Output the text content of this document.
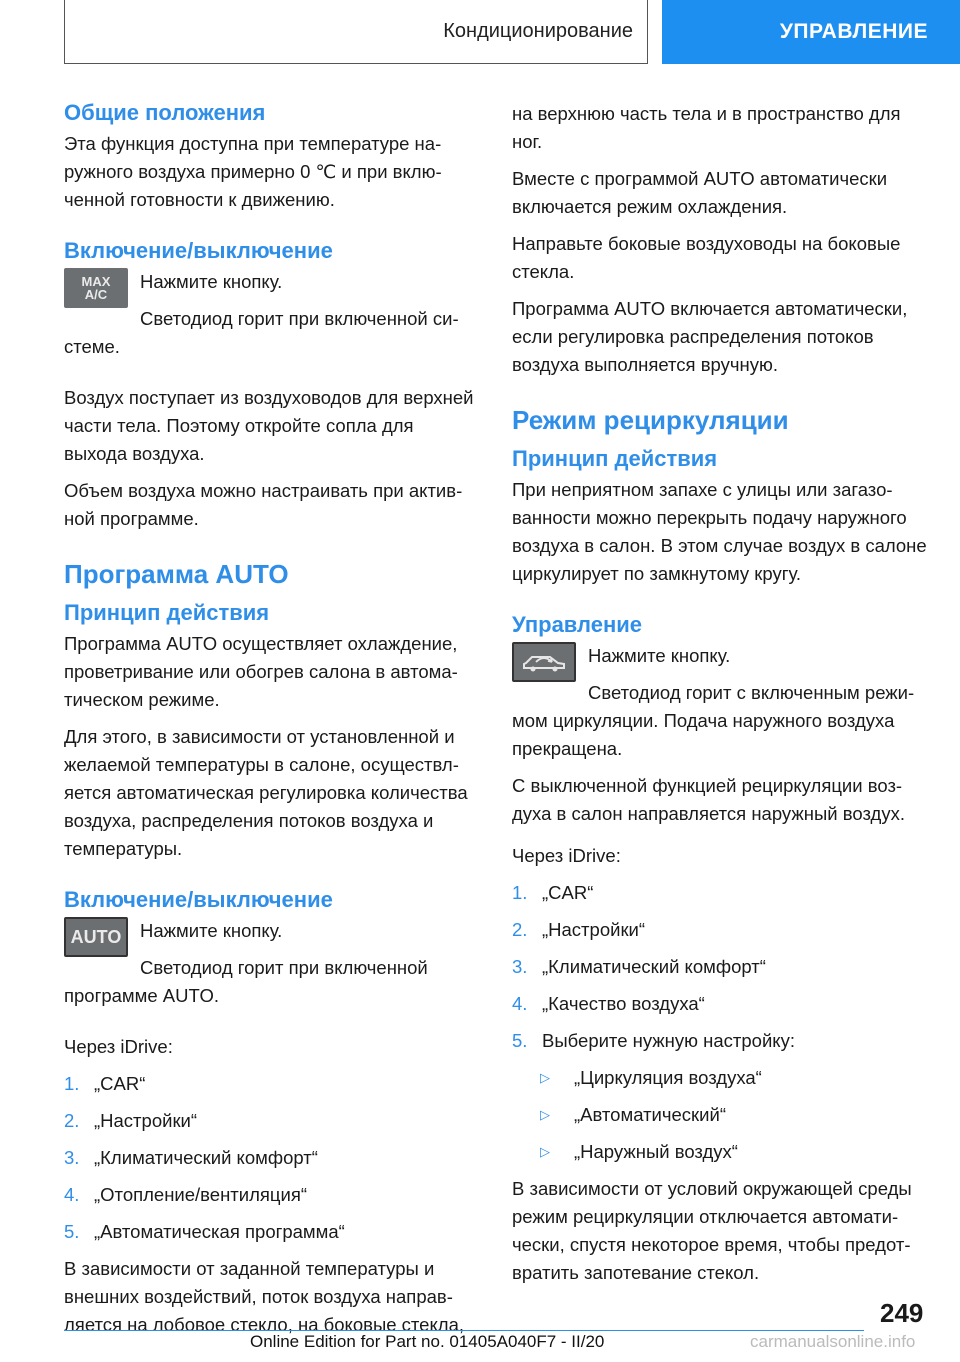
Кондиционирование	УПРАВЛЕНИЕ
Общие положения

Эта функция доступна при температуре наружного воздуха примерно 0 ℃ и при включенной готовности к движению.

Включение/выключение
MAX A/C

Нажмите кнопку.

Светодиод горит при включенной системе.

Воздух поступает из воздуховодов для верхней части тела. Поэтому откройте сопла для выхода воздуха.

Объем воздуха можно настраивать при активной программе.

Программа AUTO
Принцип действия

Программа AUTO осуществляет охлаждение, проветривание или обогрев салона в автоматическом режиме.

Для этого, в зависимости от установленной и желаемой температуры в салоне, осуществляется автоматическая регулировка количества воздуха, распределения потоков воздуха и температуры.

Включение/выключение
AUTO	Нажмите кнопку.

Светодиод горит при включенной программе AUTO.

Через iDrive:

1. „CAR“
2. „Настройки“
3. „Климатический комфорт“
4. „Отопление/вентиляция“
5. „Автоматическая программа“

В зависимости от заданной температуры и внешних воздействий, поток воздуха направляется на лобовое стекло, на боковые стекла,

на верхнюю часть тела и в пространство для ног.

Вместе с программой AUTO автоматически включается режим охлаждения.

Направьте боковые воздуховоды на боковые стекла.

Программа AUTO включается автоматически, если регулировка распределения потоков воздуха выполняется вручную.

Режим рециркуляции
Принцип действия

При неприятном запахе с улицы или загазованности можно перекрыть подачу наружного воздуха в салон. В этом случае воздух в салоне циркулирует по замкнутому кругу.

Управление

Нажмите кнопку.

Светодиод горит с включенным режимом циркуляции. Подача наружного воздуха прекращена.

С выключенной функцией рециркуляции воздуха в салон направляется наружный воздух.

Через iDrive:

1. „CAR“
2. „Настройки“
3. „Климатический комфорт“
4. „Качество воздуха“
5. Выберите нужную настройку:
▷	„Циркуляция воздуха“
▷	„Автоматический“
▷	„Наружный воздух“

В зависимости от условий окружающей среды режим рециркуляции отключается автоматически, спустя некоторое время, чтобы предотвратить запотевание стекол.

249
Online Edition for Part no. 01405A040F7 - II/20	carmanualsonline.info
